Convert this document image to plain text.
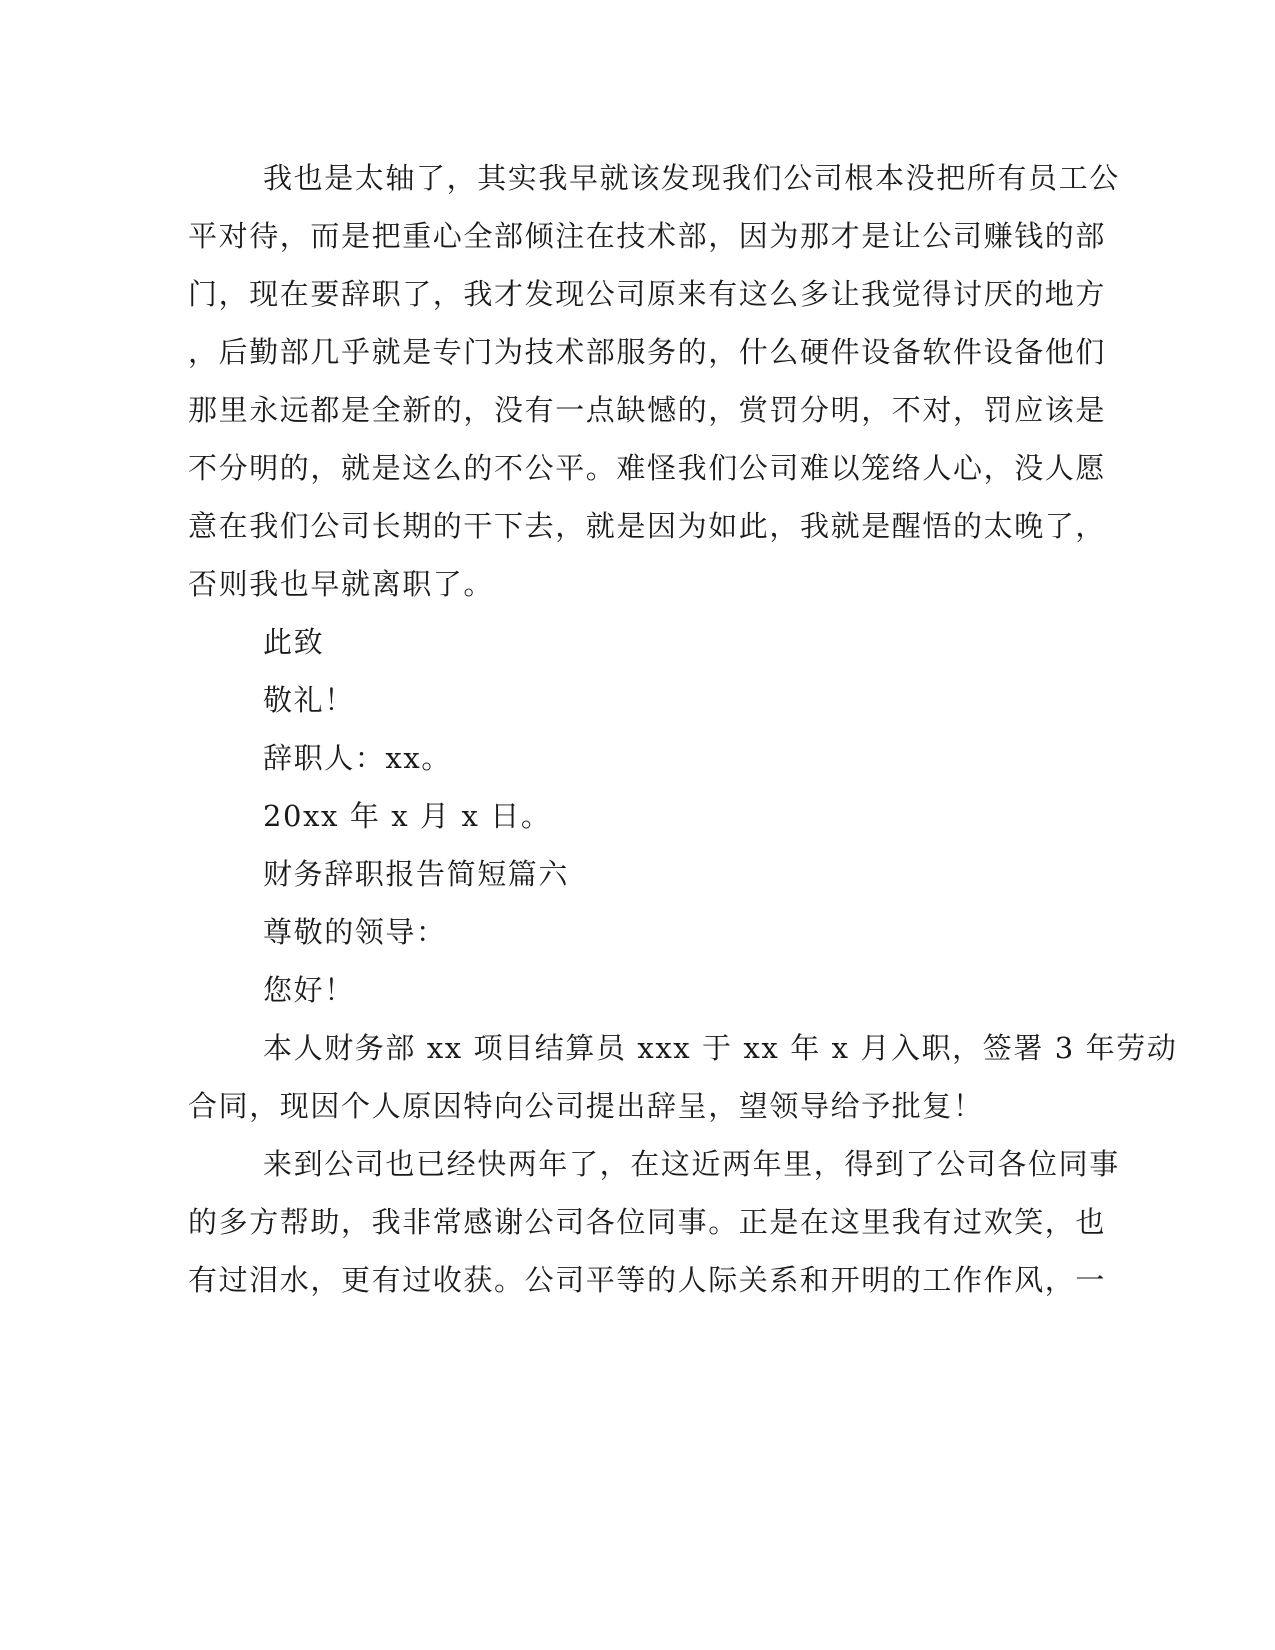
我也是太轴了，其实我早就该发现我们公司根本没把所有员工公
平对待，而是把重心全部倾注在技术部，因为那才是让公司赚钱的部
门，现在要辞职了，我才发现公司原来有这么多让我觉得讨厌的地方
，后勤部几乎就是专门为技术部服务的，什么硬件设备软件设备他们
那里永远都是全新的，没有一点缺憾的，赏罚分明，不对，罚应该是
不分明的，就是这么的不公平。难怪我们公司难以笼络人心，没人愿
意在我们公司长期的干下去，就是因为如此，我就是醒悟的太晚了，
否则我也早就离职了。
此致
敬礼！
辞职人：xx。
20xx 年 x 月 x 日。
财务辞职报告简短篇六
尊敬的领导：
您好！
本人财务部 xx 项目结算员 xxx 于 xx 年 x 月入职，签署 3 年劳动
合同，现因个人原因特向公司提出辞呈，望领导给予批复！
来到公司也已经快两年了，在这近两年里，得到了公司各位同事
的多方帮助，我非常感谢公司各位同事。正是在这里我有过欢笑，也
有过泪水，更有过收获。公司平等的人际关系和开明的工作作风，一
